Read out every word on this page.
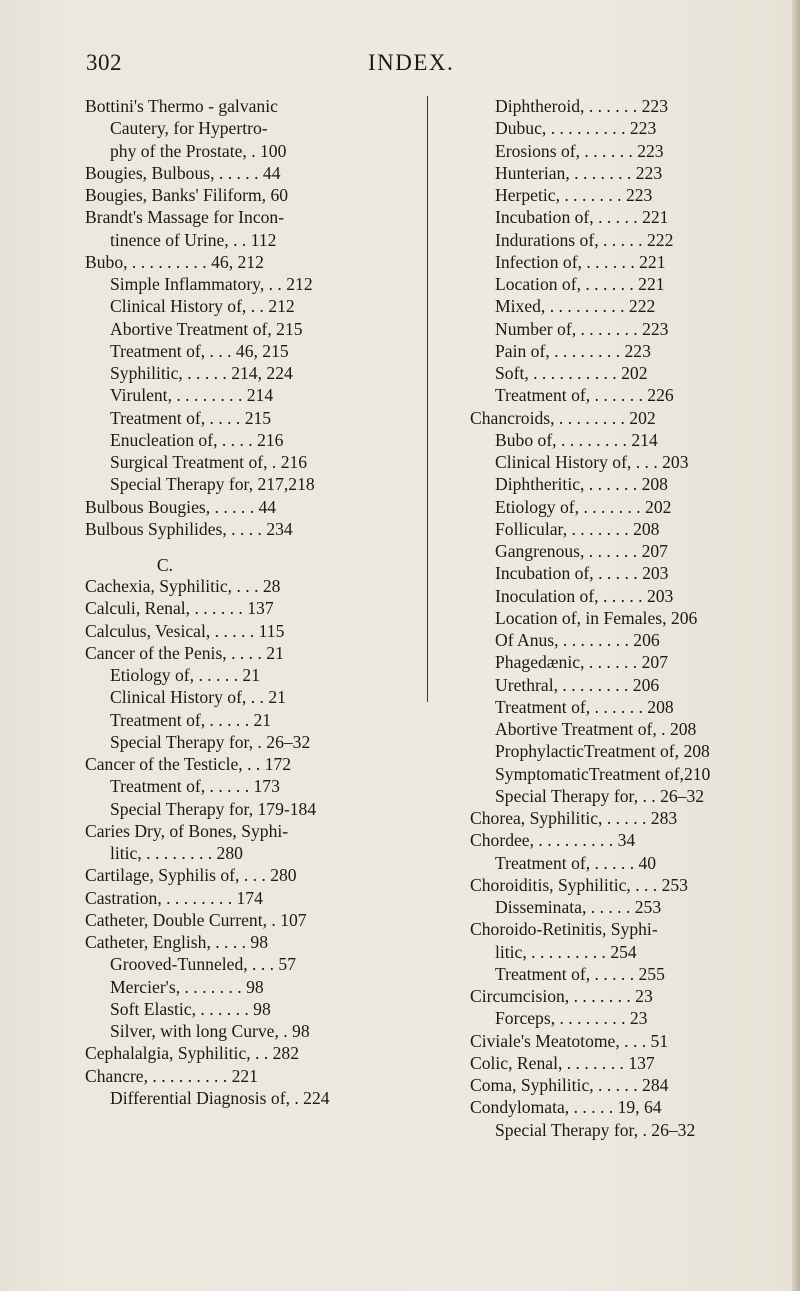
302	INDEX.
Bottini's Thermo - galvanic
Cautery, for Hypertro-
phy of the Prostate, . 100
Bougies, Bulbous, . . . . . 44
Bougies, Banks' Filiform, 60
Brandt's Massage for Incon-
tinence of Urine, . . 112
Bubo, . . . . . . . . . 46, 212
Simple Inflammatory, . . 212
Clinical History of, . . 212
Abortive Treatment of, 215
Treatment of, . . . 46, 215
Syphilitic, . . . . . 214, 224
Virulent, . . . . . . . . 214
Treatment of, . . . . 215
Enucleation of, . . . . 216
Surgical Treatment of, . 216
Special Therapy for, 217,218
Bulbous Bougies, . . . . . 44
Bulbous Syphilides, . . . . 234
C.
Cachexia, Syphilitic, . . . 28
Calculi, Renal, . . . . . . 137
Calculus, Vesical, . . . . . 115
Cancer of the Penis, . . . . 21
Etiology of, . . . . . 21
Clinical History of, . . 21
Treatment of, . . . . . 21
Special Therapy for, . 26–32
Cancer of the Testicle, . . 172
Treatment of, . . . . . 173
Special Therapy for, 179-184
Caries Dry, of Bones, Syphi-
litic, . . . . . . . . 280
Cartilage, Syphilis of, . . . 280
Castration, . . . . . . . . 174
Catheter, Double Current, . 107
Catheter, English, . . . . 98
Grooved-Tunneled, . . . 57
Mercier's, . . . . . . . 98
Soft Elastic, . . . . . . 98
Silver, with long Curve, . 98
Cephalalgia, Syphilitic, . . 282
Chancre, . . . . . . . . . 221
Differential Diagnosis of, . 224
Diphtheroid, . . . . . . 223
Dubuc, . . . . . . . . . 223
Erosions of, . . . . . . 223
Hunterian, . . . . . . . 223
Herpetic, . . . . . . . 223
Incubation of, . . . . . 221
Indurations of, . . . . . 222
Infection of, . . . . . . 221
Location of, . . . . . . 221
Mixed, . . . . . . . . . 222
Number of, . . . . . . . 223
Pain of, . . . . . . . . 223
Soft, . . . . . . . . . . 202
Treatment of, . . . . . . 226
Chancroids, . . . . . . . . 202
Bubo of, . . . . . . . . 214
Clinical History of, . . . 203
Diphtheritic, . . . . . . 208
Etiology of, . . . . . . . 202
Follicular, . . . . . . . 208
Gangrenous, . . . . . . 207
Incubation of, . . . . . 203
Inoculation of, . . . . . 203
Location of, in Females, 206
Of Anus, . . . . . . . . 206
Phagedænic, . . . . . . 207
Urethral, . . . . . . . . 206
Treatment of, . . . . . . 208
Abortive Treatment of, . 208
ProphylacticTreatment of, 208
SymptomaticTreatment of,210
Special Therapy for, . . 26–32
Chorea, Syphilitic, . . . . . 283
Chordee, . . . . . . . . . 34
Treatment of, . . . . . 40
Choroiditis, Syphilitic, . . . 253
Disseminata, . . . . . 253
Choroido-Retinitis, Syphi-
litic, . . . . . . . . . 254
Treatment of, . . . . . 255
Circumcision, . . . . . . . 23
Forceps, . . . . . . . . 23
Civiale's Meatotome, . . . 51
Colic, Renal, . . . . . . . 137
Coma, Syphilitic, . . . . . 284
Condylomata, . . . . . 19, 64
Special Therapy for, . 26–32
